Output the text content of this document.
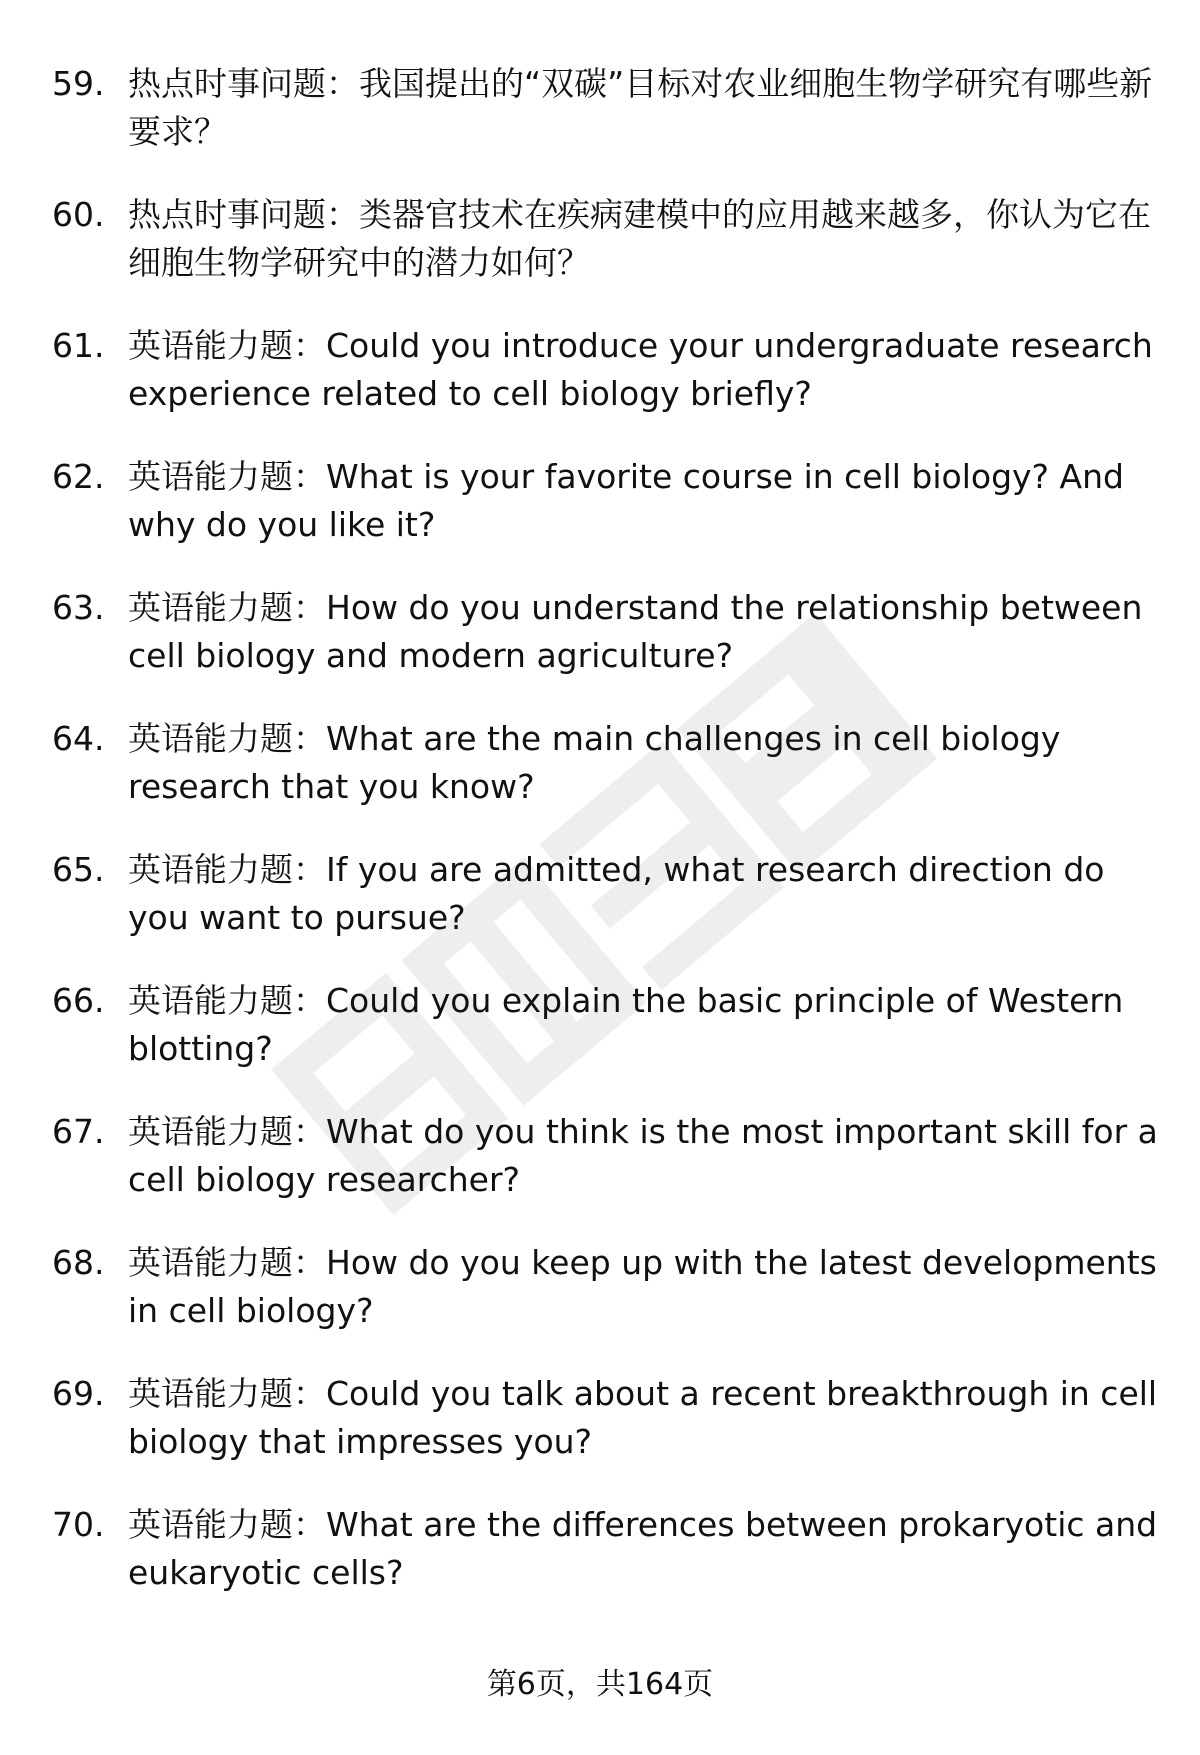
59. 热点时事问题：我国提出的“双碳”目标对农业细胞生物学研究有哪些新要求？
60. 热点时事问题：类器官技术在疾病建模中的应用越来越多，你认为它在细胞生物学研究中的潜力如何？
61. 英语能力题：Could you introduce your undergraduate research experience related to cell biology briefly?
62. 英语能力题：What is your favorite course in cell biology? And why do you like it?
63. 英语能力题：How do you understand the relationship between cell biology and modern agriculture?
64. 英语能力题：What are the main challenges in cell biology research that you know?
65. 英语能力题：If you are admitted, what research direction do you want to pursue?
66. 英语能力题：Could you explain the basic principle of Western blotting?
67. 英语能力题：What do you think is the most important skill for a cell biology researcher?
68. 英语能力题：How do you keep up with the latest developments in cell biology?
69. 英语能力题：Could you talk about a recent breakthrough in cell biology that impresses you?
70. 英语能力题：What are the differences between prokaryotic and eukaryotic cells?
第6页，共164页
